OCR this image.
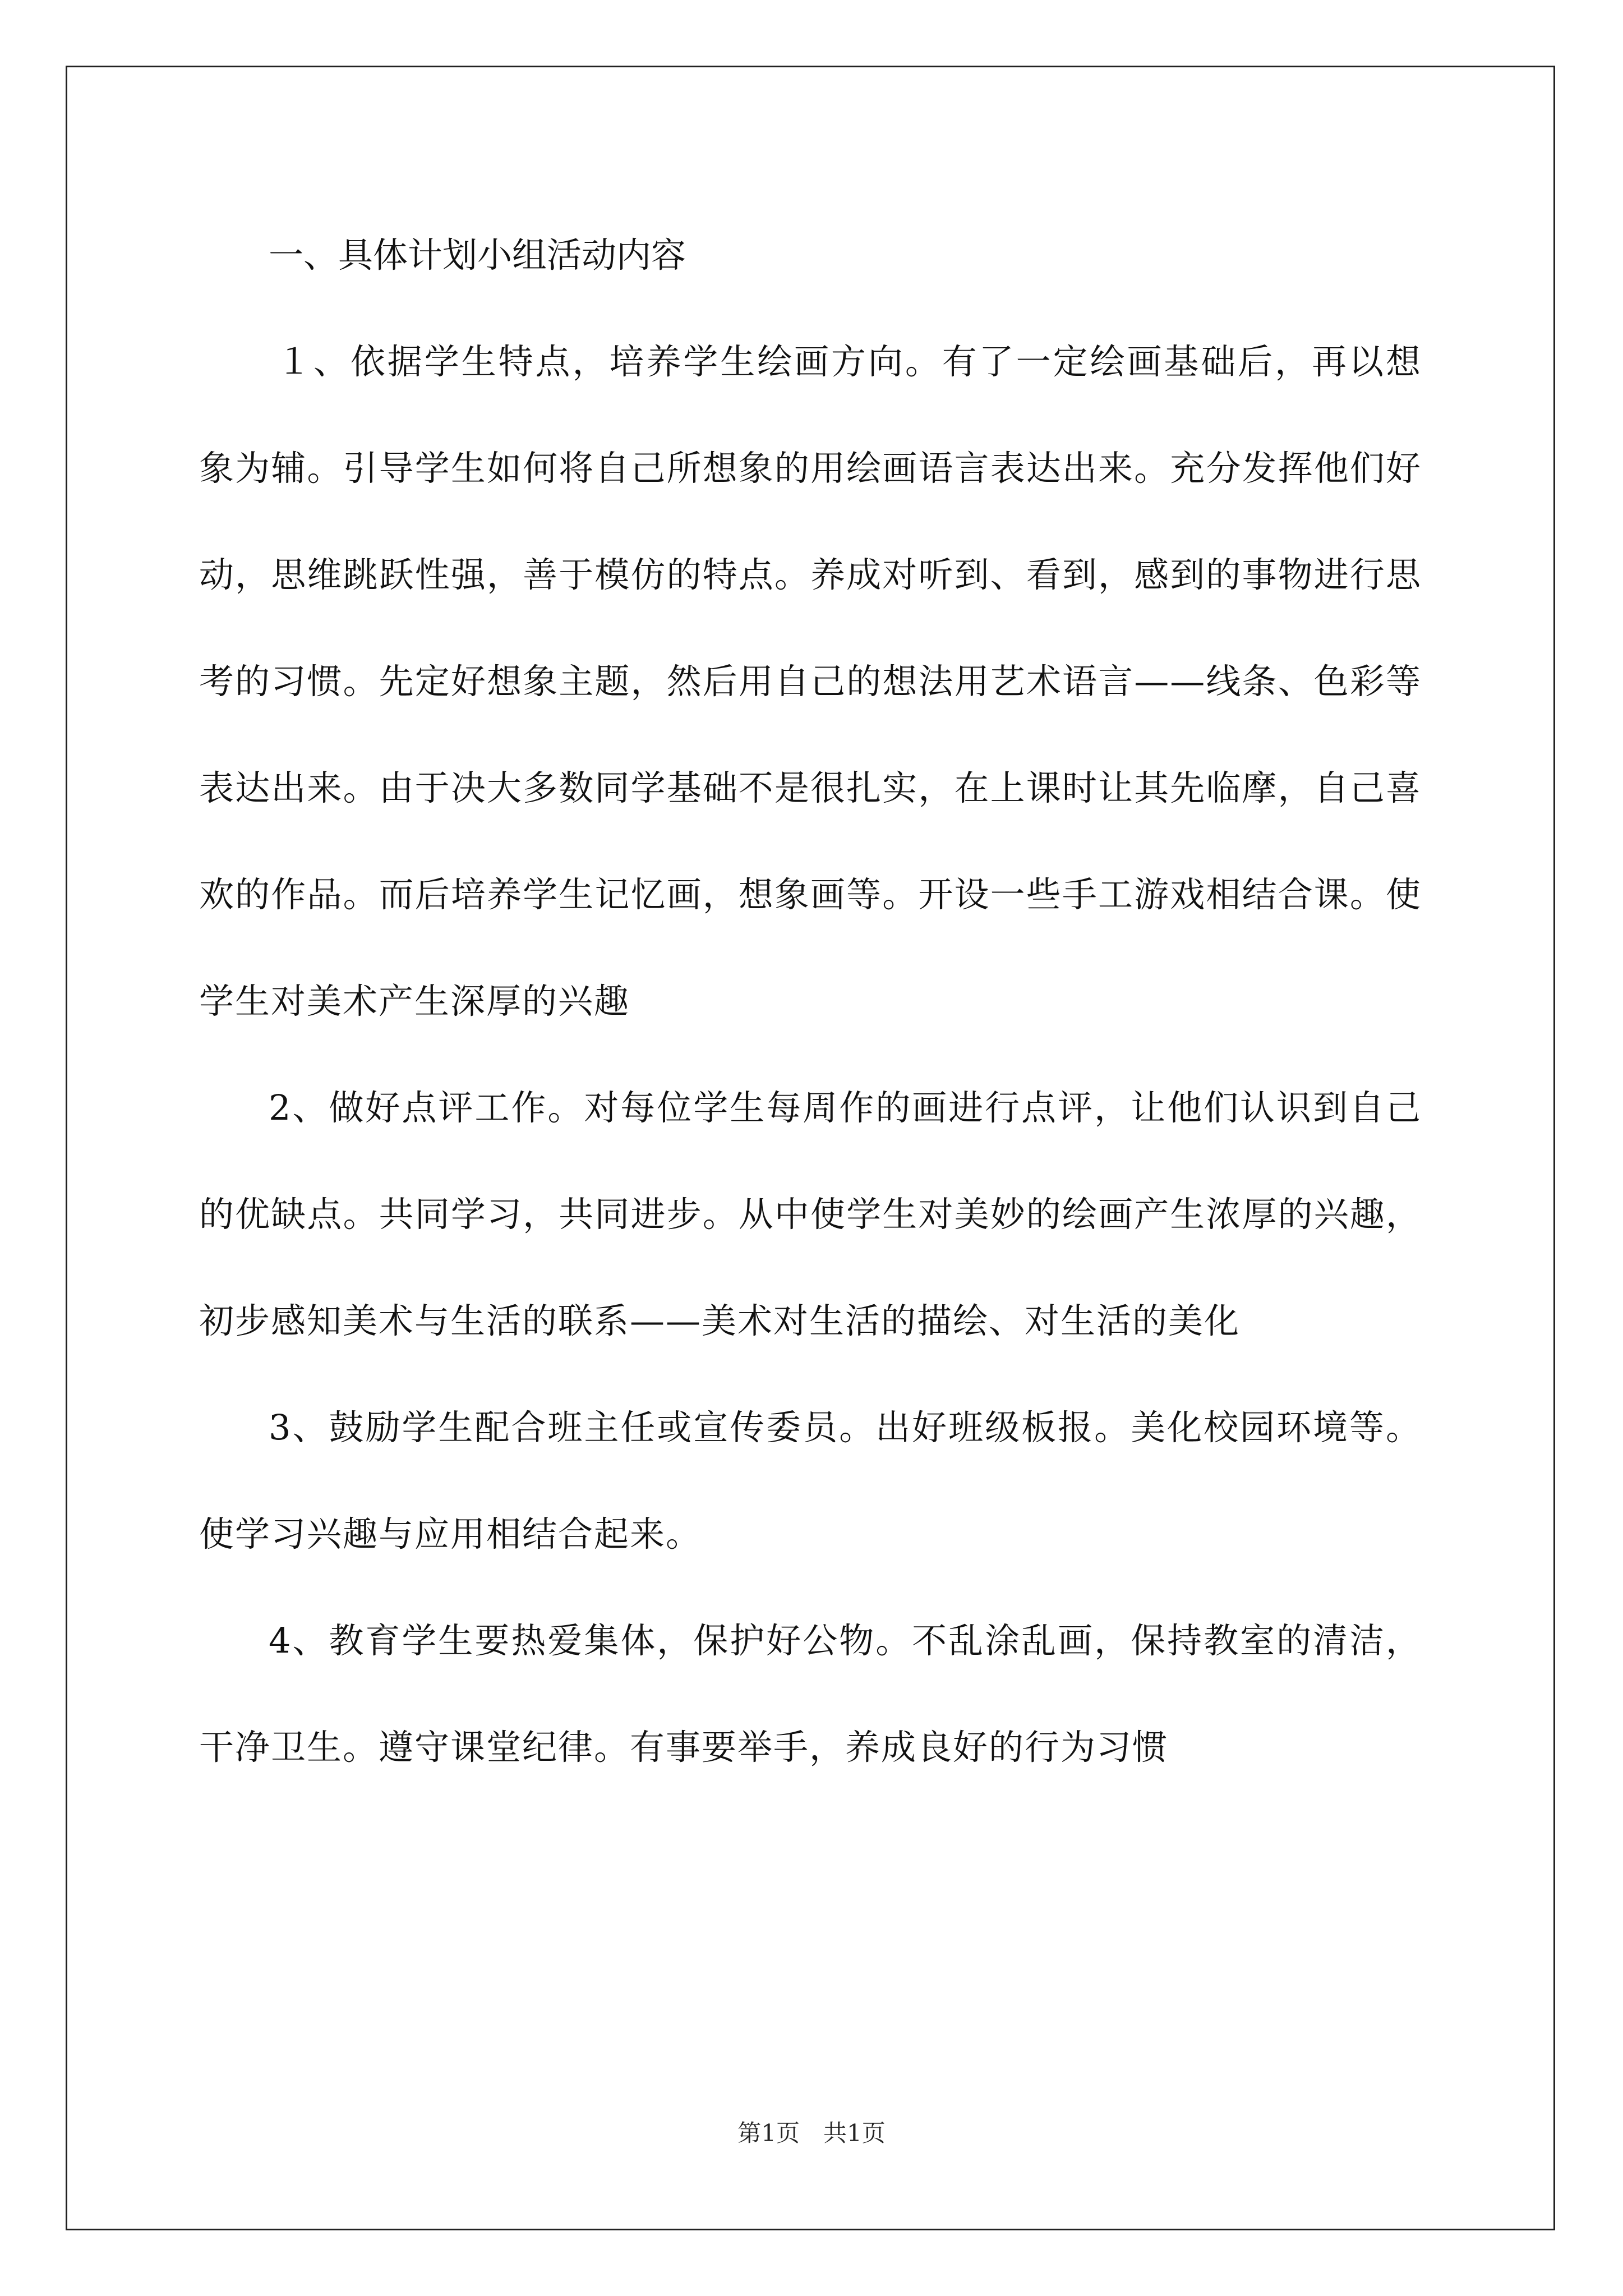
一、具体计划小组活动内容

１、依据学生特点，培养学生绘画方向。有了一定绘画基础后，再以想象为辅。引导学生如何将自己所想象的用绘画语言表达出来。充分发挥他们好动，思维跳跃性强，善于模仿的特点。养成对听到、看到，感到的事物进行思考的习惯。先定好想象主题，然后用自己的想法用艺术语言——线条、色彩等表达出来。由于决大多数同学基础不是很扎实，在上课时让其先临摩，自己喜欢的作品。而后培养学生记忆画，想象画等。开设一些手工游戏相结合课。使学生对美术产生深厚的兴趣

2、做好点评工作。对每位学生每周作的画进行点评，让他们认识到自己的优缺点。共同学习，共同进步。从中使学生对美妙的绘画产生浓厚的兴趣，初步感知美术与生活的联系——美术对生活的描绘、对生活的美化

3、鼓励学生配合班主任或宣传委员。出好班级板报。美化校园环境等。使学习兴趣与应用相结合起来。

4、教育学生要热爱集体，保护好公物。不乱涂乱画，保持教室的清洁，干净卫生。遵守课堂纪律。有事要举手，养成良好的行为习惯

第1页　共1页
